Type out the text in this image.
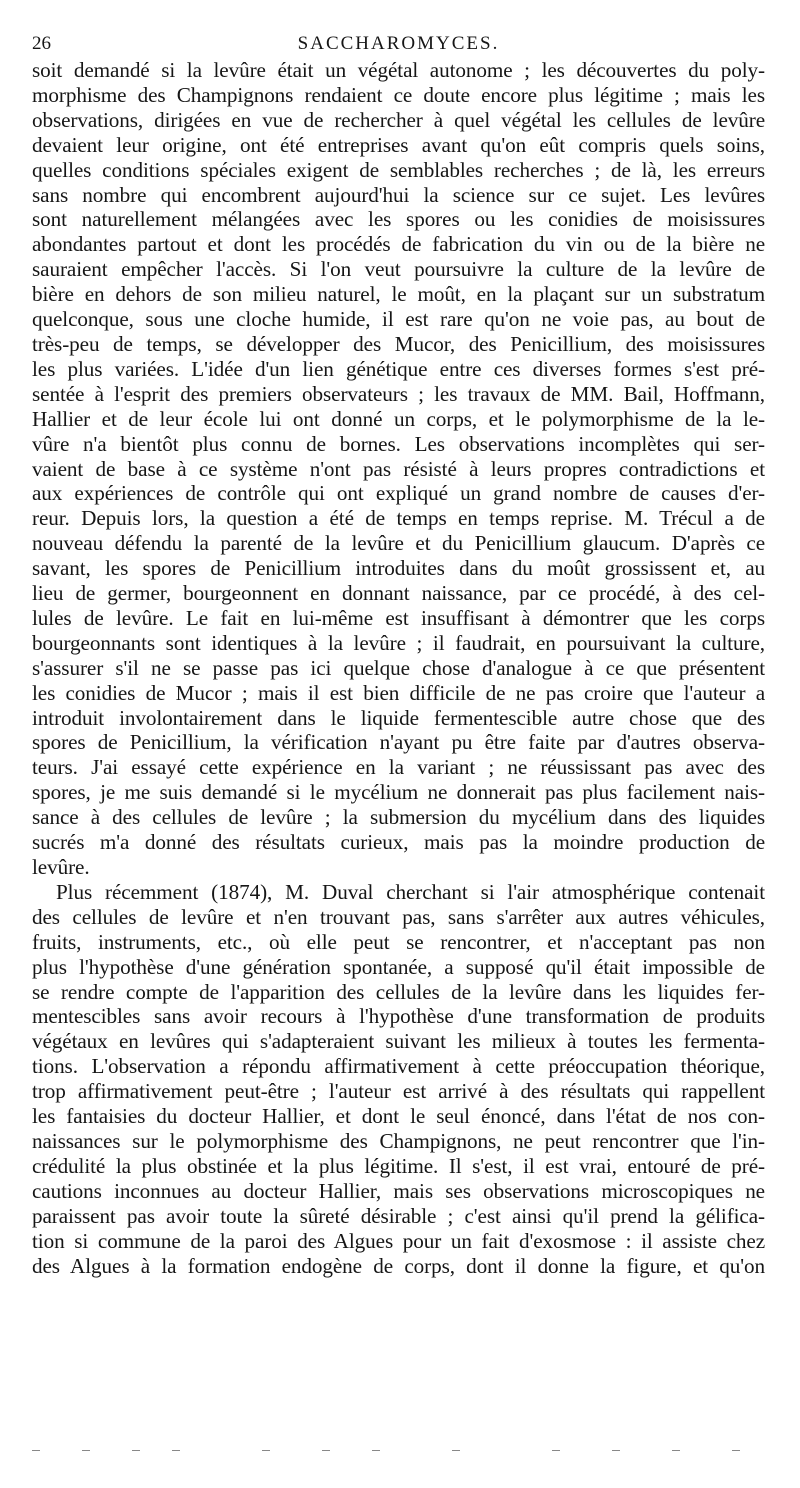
26	SACCHAROMYCES.

soit demandé si la levûre était un végétal autonome ; les découvertes du poly-
morphisme des Champignons rendaient ce doute encore plus légitime ; mais les
observations, dirigées en vue de rechercher à quel végétal les cellules de levûre
devaient leur origine, ont été entreprises avant qu'on eût compris quels soins,
quelles conditions spéciales exigent de semblables recherches ; de là, les erreurs
sans nombre qui encombrent aujourd'hui la science sur ce sujet. Les levûres
sont naturellement mélangées avec les spores ou les conidies de moisissures
abondantes partout et dont les procédés de fabrication du vin ou de la bière ne
sauraient empêcher l'accès. Si l'on veut poursuivre la culture de la levûre de
bière en dehors de son milieu naturel, le moût, en la plaçant sur un substratum
quelconque, sous une cloche humide, il est rare qu'on ne voie pas, au bout de
très-peu de temps, se développer des Mucor, des Penicillium, des moisissures
les plus variées. L'idée d'un lien génétique entre ces diverses formes s'est pré-
sentée à l'esprit des premiers observateurs ; les travaux de MM. Bail, Hoffmann,
Hallier et de leur école lui ont donné un corps, et le polymorphisme de la le-
vûre n'a bientôt plus connu de bornes. Les observations incomplètes qui ser-
vaient de base à ce système n'ont pas résisté à leurs propres contradictions et
aux expériences de contrôle qui ont expliqué un grand nombre de causes d'er-
reur. Depuis lors, la question a été de temps en temps reprise. M. Trécul a de
nouveau défendu la parenté de la levûre et du Penicillium glaucum. D'après ce
savant, les spores de Penicillium introduites dans du moût grossissent et, au
lieu de germer, bourgeonnent en donnant naissance, par ce procédé, à des cel-
lules de levûre. Le fait en lui-même est insuffisant à démontrer que les corps
bourgeonnants sont identiques à la levûre ; il faudrait, en poursuivant la culture,
s'assurer s'il ne se passe pas ici quelque chose d'analogue à ce que présentent
les conidies de Mucor ; mais il est bien difficile de ne pas croire que l'auteur a
introduit involontairement dans le liquide fermentescible autre chose que des
spores de Penicillium, la vérification n'ayant pu être faite par d'autres observa-
teurs. J'ai essayé cette expérience en la variant ; ne réussissant pas avec des
spores, je me suis demandé si le mycélium ne donnerait pas plus facilement nais-
sance à des cellules de levûre ; la submersion du mycélium dans des liquides
sucrés m'a donné des résultats curieux, mais pas la moindre production de
levûre.

Plus récemment (1874), M. Duval cherchant si l'air atmosphérique contenait
des cellules de levûre et n'en trouvant pas, sans s'arrêter aux autres véhicules,
fruits, instruments, etc., où elle peut se rencontrer, et n'acceptant pas non
plus l'hypothèse d'une génération spontanée, a supposé qu'il était impossible de
se rendre compte de l'apparition des cellules de la levûre dans les liquides fer-
mentescibles sans avoir recours à l'hypothèse d'une transformation de produits
végétaux en levûres qui s'adapteraient suivant les milieux à toutes les fermenta-
tions. L'observation a répondu affirmativement à cette préoccupation théorique,
trop affirmativement peut-être ; l'auteur est arrivé à des résultats qui rappellent
les fantaisies du docteur Hallier, et dont le seul énoncé, dans l'état de nos con-
naissances sur le polymorphisme des Champignons, ne peut rencontrer que l'in-
crédulité la plus obstinée et la plus légitime. Il s'est, il est vrai, entouré de pré-
cautions inconnues au docteur Hallier, mais ses observations microscopiques ne
paraissent pas avoir toute la sûreté désirable ; c'est ainsi qu'il prend la gélifica-
tion si commune de la paroi des Algues pour un fait d'exosmose : il assiste chez
des Algues à la formation endogène de corps, dont il donne la figure, et qu'on
